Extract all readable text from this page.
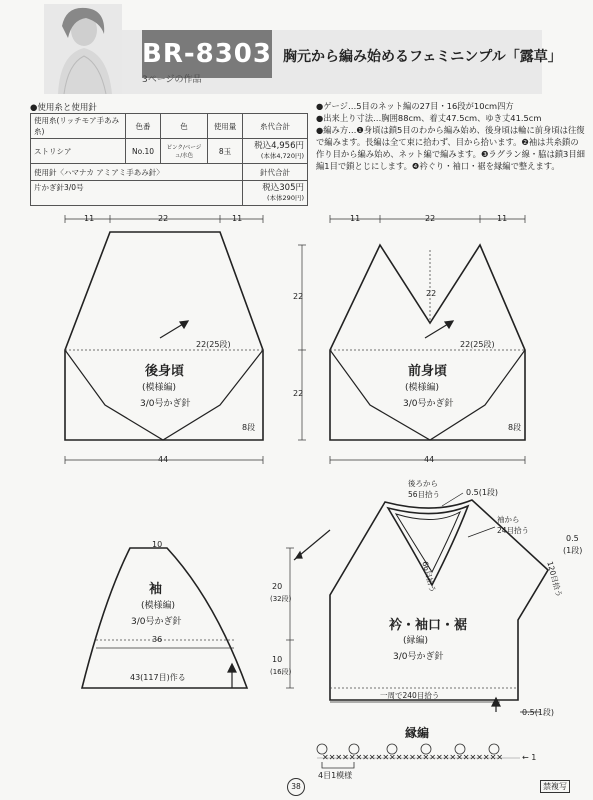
BR-8303
3ページの作品
胸元から編み始めるフェミニンプル「露草」
●使用糸と使用針
使用糸(リッチモア手あみ糸)	色番	色	使用量	糸代合計
ストリシア	No.10	ピンク/ベージュ/水色	8玉	税込4,956円
(本体4,720円)
使用針〈ハマナカ アミアミ手あみ針〉				針代合計
片かぎ針3/0号				税込305円
(本体290円)
●ゲージ…5目のネット編の27目・16段が10cm四方
●出来上り寸法…胸囲88cm、着丈47.5cm、ゆき丈41.5cm
●編み方…❶身頃は鎖5目のわから編み始め、後身頃は輪に前身頃は往復で編みます。長編は全て束に拾わず、目から拾います。❷袖は共糸鎖の作り目から編み始め、ネット編で編みます。❸ラグラン線・脇は鎖3目細編1目で鎖とじにします。❹衿ぐり・袖口・裾を縁編で整えます。
✕✕✕✕✕✕✕✕✕✕✕✕✕✕✕✕✕✕✕✕✕✕✕✕✕✕✕
11	22	11
22(25段)
後身頃
(模様編)
3/0号かぎ針
8段
44
11	22	11
22
22
22
22(25段)
前身頃
(模様編)
3/0号かぎ針
8段
44
10
袖
(模様編)
3/0号かぎ針
36
43(117目)作る
20
(32段)
10
(16段)
後ろから
56目拾う	0.5(1段)
袖から
24目拾う
66目拾う	120目拾う
0.5
(1段)
衿・袖口・裾
(縁編)
3/0号かぎ針
一周で240目拾う
0.5(1段)
縁編
← 1
4目1模様
38	禁複写
